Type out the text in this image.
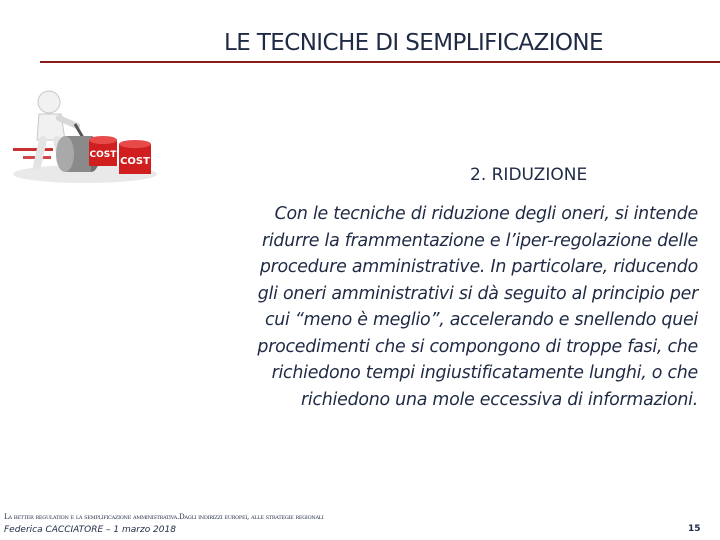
LE TECNICHE DI SEMPLIFICAZIONE
COST
COST
2. RIDUZIONE
Con le tecniche di riduzione degli oneri, si intende
ridurre la frammentazione e l’iper-regolazione delle
procedure amministrative. In particolare, riducendo
gli oneri amministrativi si dà seguito al principio per
cui “meno è meglio”, accelerando e snellendo quei
procedimenti che si compongono di troppe fasi, che
richiedono tempi ingiustificatamente lunghi, o che
richiedono una mole eccessiva di informazioni.
La better regulation e la semplificazione amministrativa.Dagli indirizzi europei, alle strategie regionali
Federica CACCIATORE – 1 marzo 2018	15
